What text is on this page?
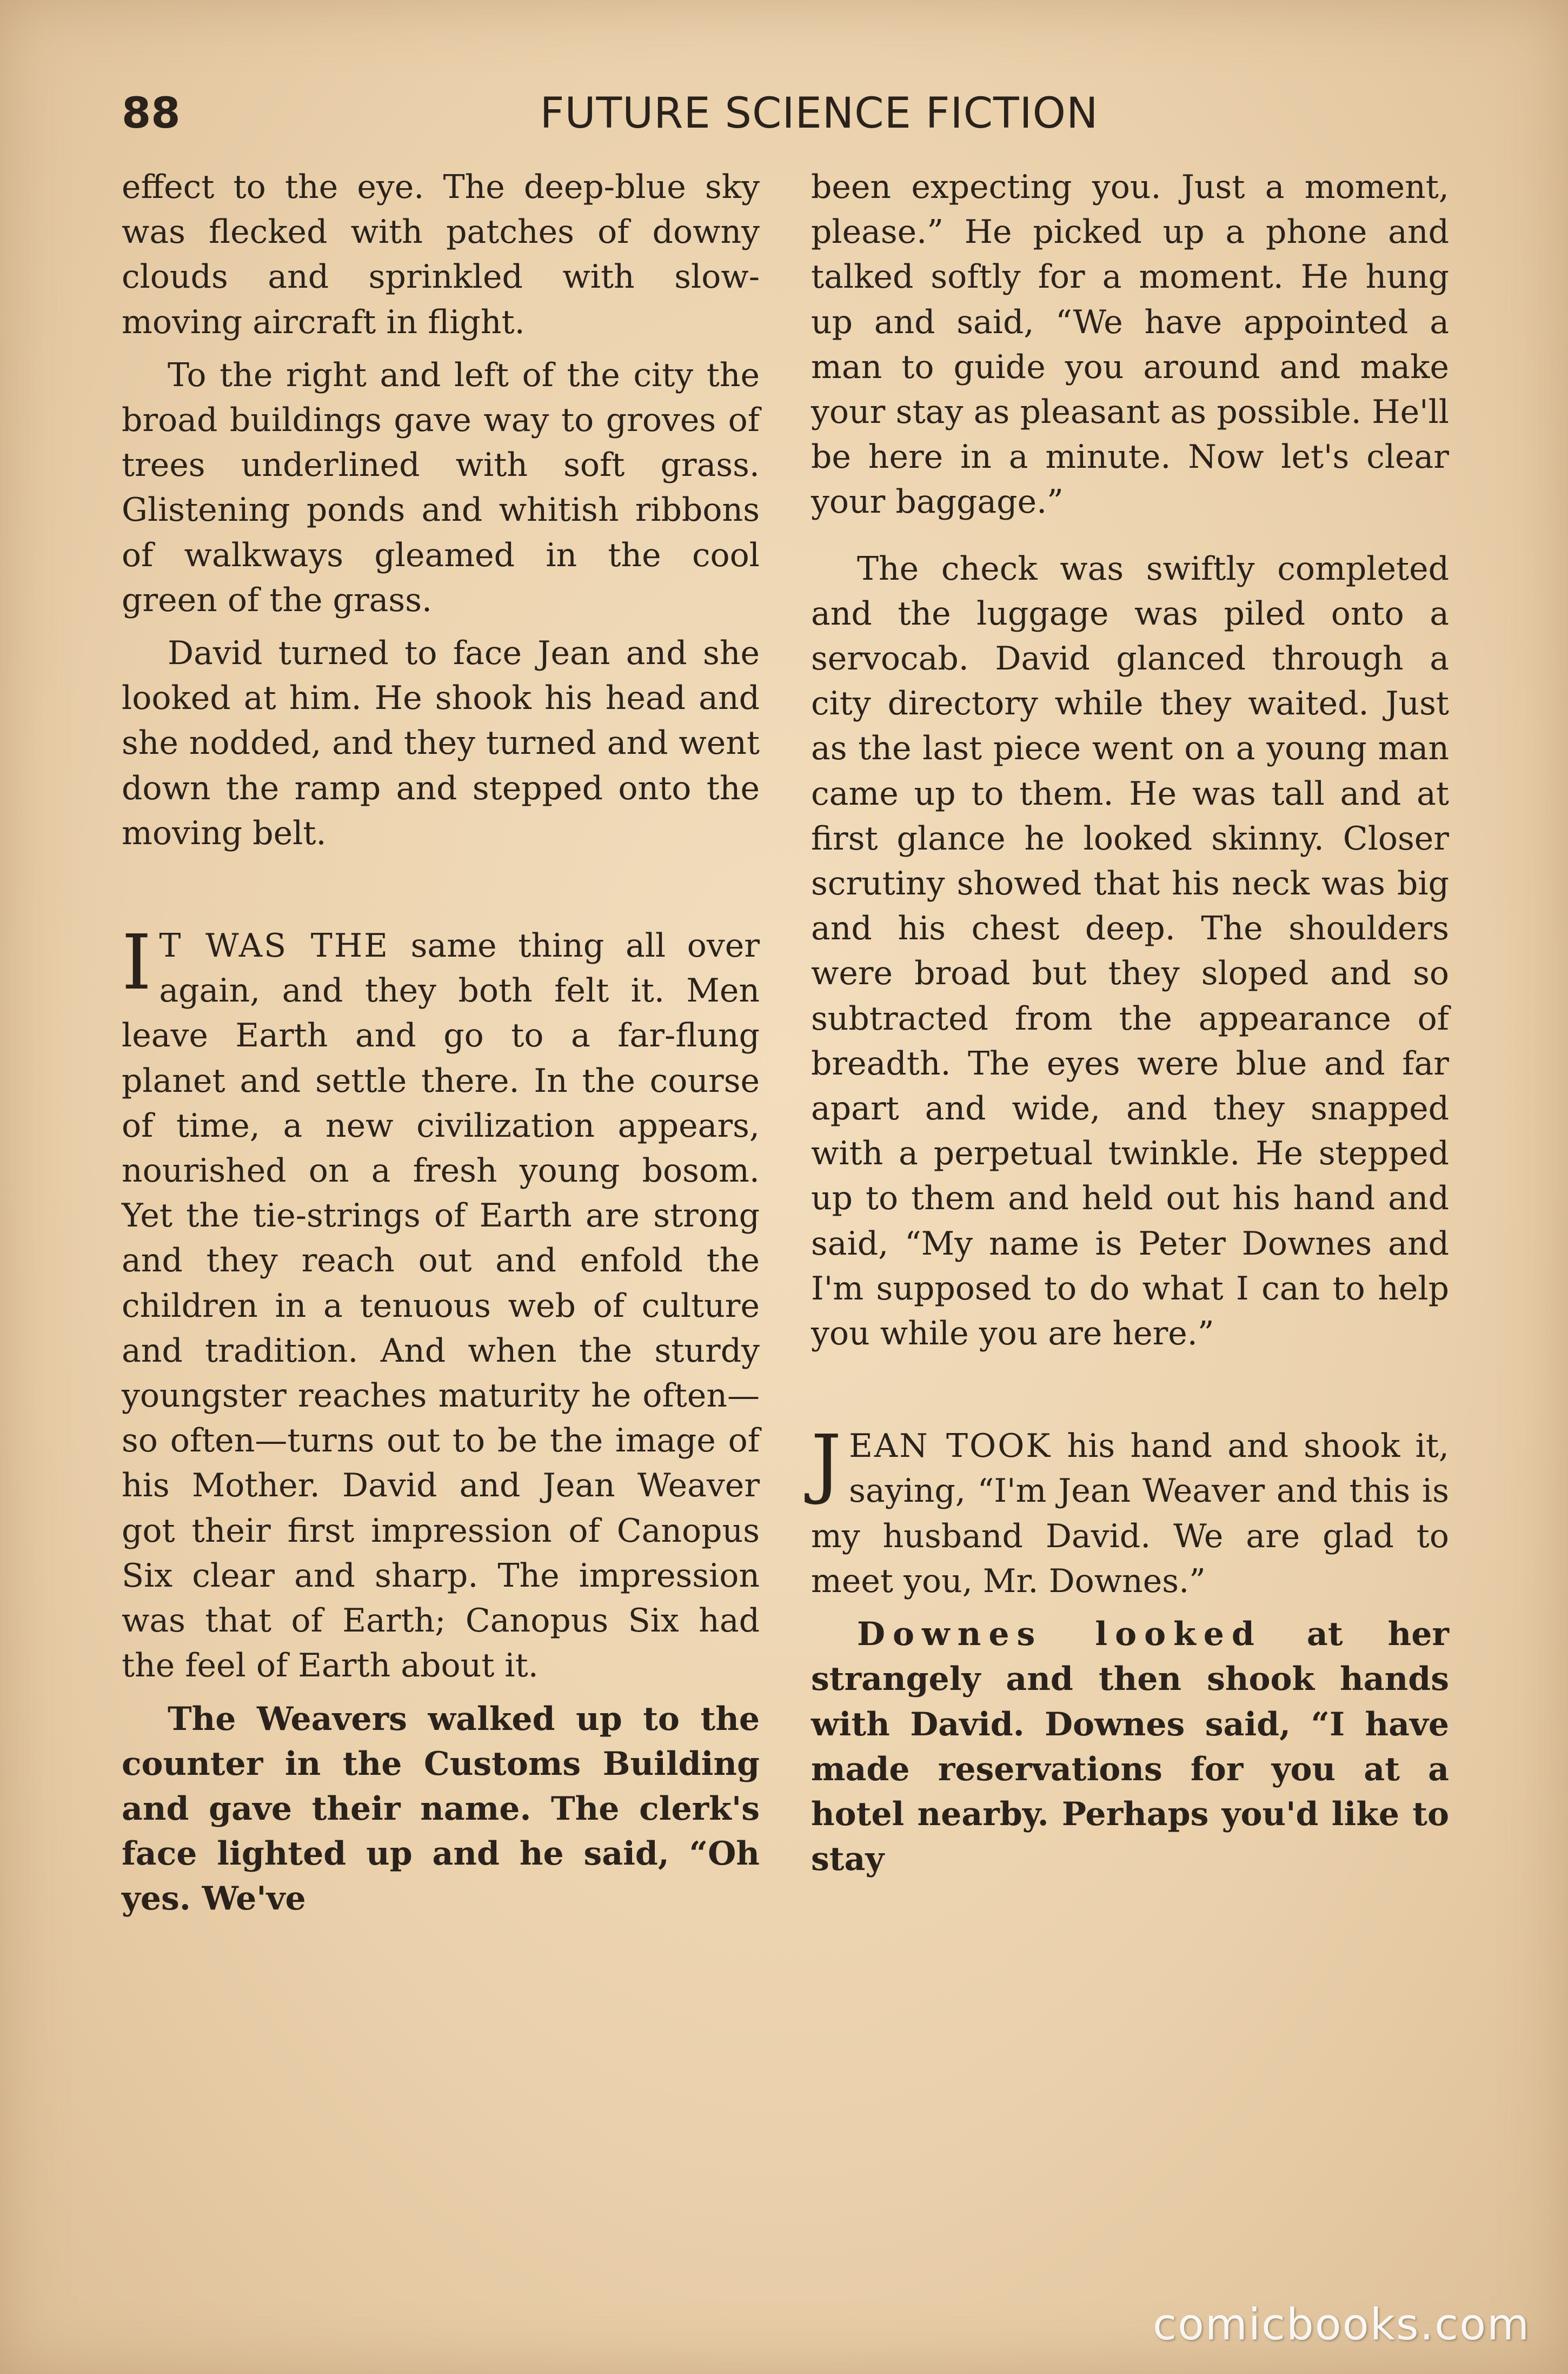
88	FUTURE SCIENCE FICTION

effect to the eye. The deep-blue sky was flecked with patches of downy clouds and sprinkled with slow-moving aircraft in flight.

To the right and left of the city the broad buildings gave way to groves of trees underlined with soft grass. Glistening ponds and whitish ribbons of walkways gleamed in the cool green of the grass.

David turned to face Jean and she looked at him. He shook his head and she nodded, and they turned and went down the ramp and stepped onto the moving belt.

I T WAS THE same thing all over again, and they both felt it. Men leave Earth and go to a far-flung planet and settle there. In the course of time, a new civilization appears, nourished on a fresh young bosom. Yet the tie-strings of Earth are strong and they reach out and enfold the children in a tenuous web of culture and tradition. And when the sturdy youngster reaches maturity he often—so often—turns out to be the image of his Mother. David and Jean Weaver got their first impression of Canopus Six clear and sharp. The impression was that of Earth; Canopus Six had the feel of Earth about it.

The Weavers walked up to the counter in the Customs Building and gave their name. The clerk's face lighted up and he said, “Oh yes. We've

been expecting you. Just a moment, please.” He picked up a phone and talked softly for a moment. He hung up and said, “We have appointed a man to guide you around and make your stay as pleasant as possible. He'll be here in a minute. Now let's clear your baggage.”

The check was swiftly completed and the luggage was piled onto a servocab. David glanced through a city directory while they waited. Just as the last piece went on a young man came up to them. He was tall and at first glance he looked skinny. Closer scrutiny showed that his neck was big and his chest deep. The shoulders were broad but they sloped and so subtracted from the appearance of breadth. The eyes were blue and far apart and wide, and they snapped with a perpetual twinkle. He stepped up to them and held out his hand and said, “My name is Peter Downes and I'm supposed to do what I can to help you while you are here.”

JEAN TOOK his hand and shook it, saying, “I'm Jean Weaver and this is my husband David. We are glad to meet you, Mr. Downes.”

Downes looked at her strangely and then shook hands with David. Downes said, “I have made reservations for you at a hotel nearby. Perhaps you'd like to stay

comicbooks.com
